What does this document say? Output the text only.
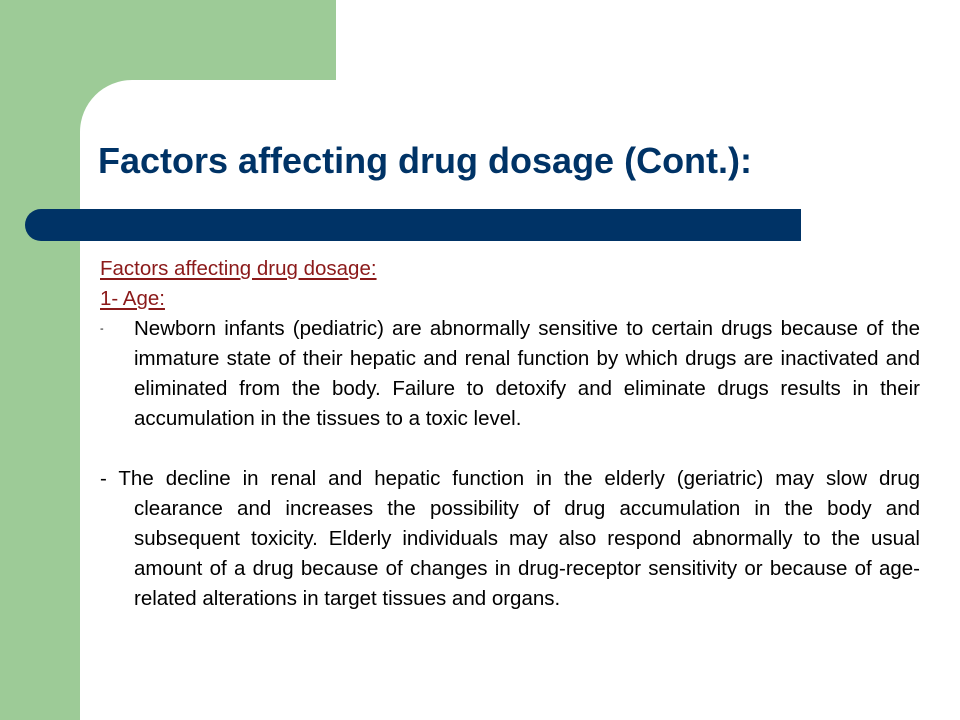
Factors affecting drug dosage (Cont.):

Factors affecting drug dosage:

1- Age:

- Newborn infants (pediatric) are abnormally sensitive to certain drugs because of the immature state of their hepatic and renal function by which drugs are inactivated and eliminated from the body. Failure to detoxify and eliminate drugs results in their accumulation in the tissues to a toxic level.

- The decline in renal and hepatic function in the elderly (geriatric) may slow drug clearance and increases the possibility of drug accumulation in the body and subsequent toxicity. Elderly individuals may also respond abnormally to the usual amount of a drug because of changes in drug-receptor sensitivity or because of age-related alterations in target tissues and organs.
